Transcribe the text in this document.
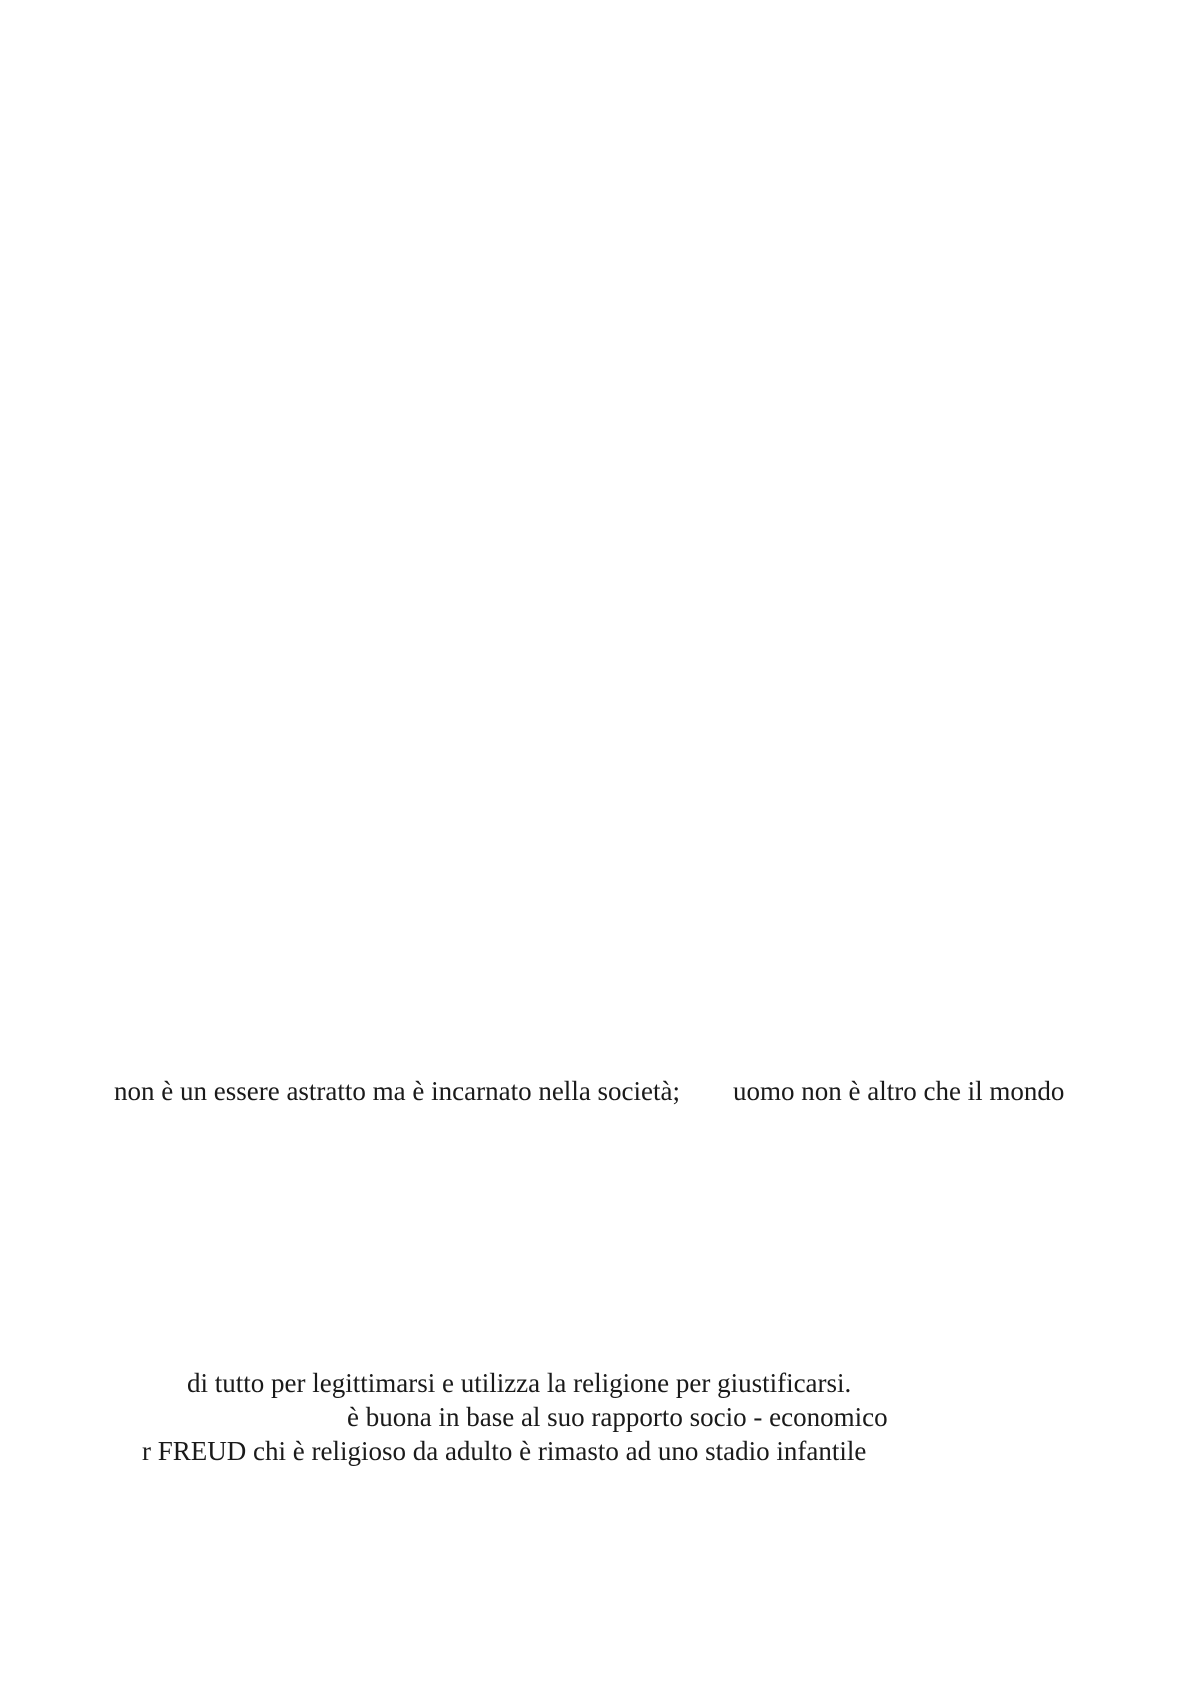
non è un essere astratto ma è incarnato nella società; uomo non è altro che il mondo

di tutto per legittimarsi e utilizza la religione per giustificarsi.

è buona in base al suo rapporto socio - economico

r FREUD chi è religioso da adulto è rimasto ad uno stadio infantile
